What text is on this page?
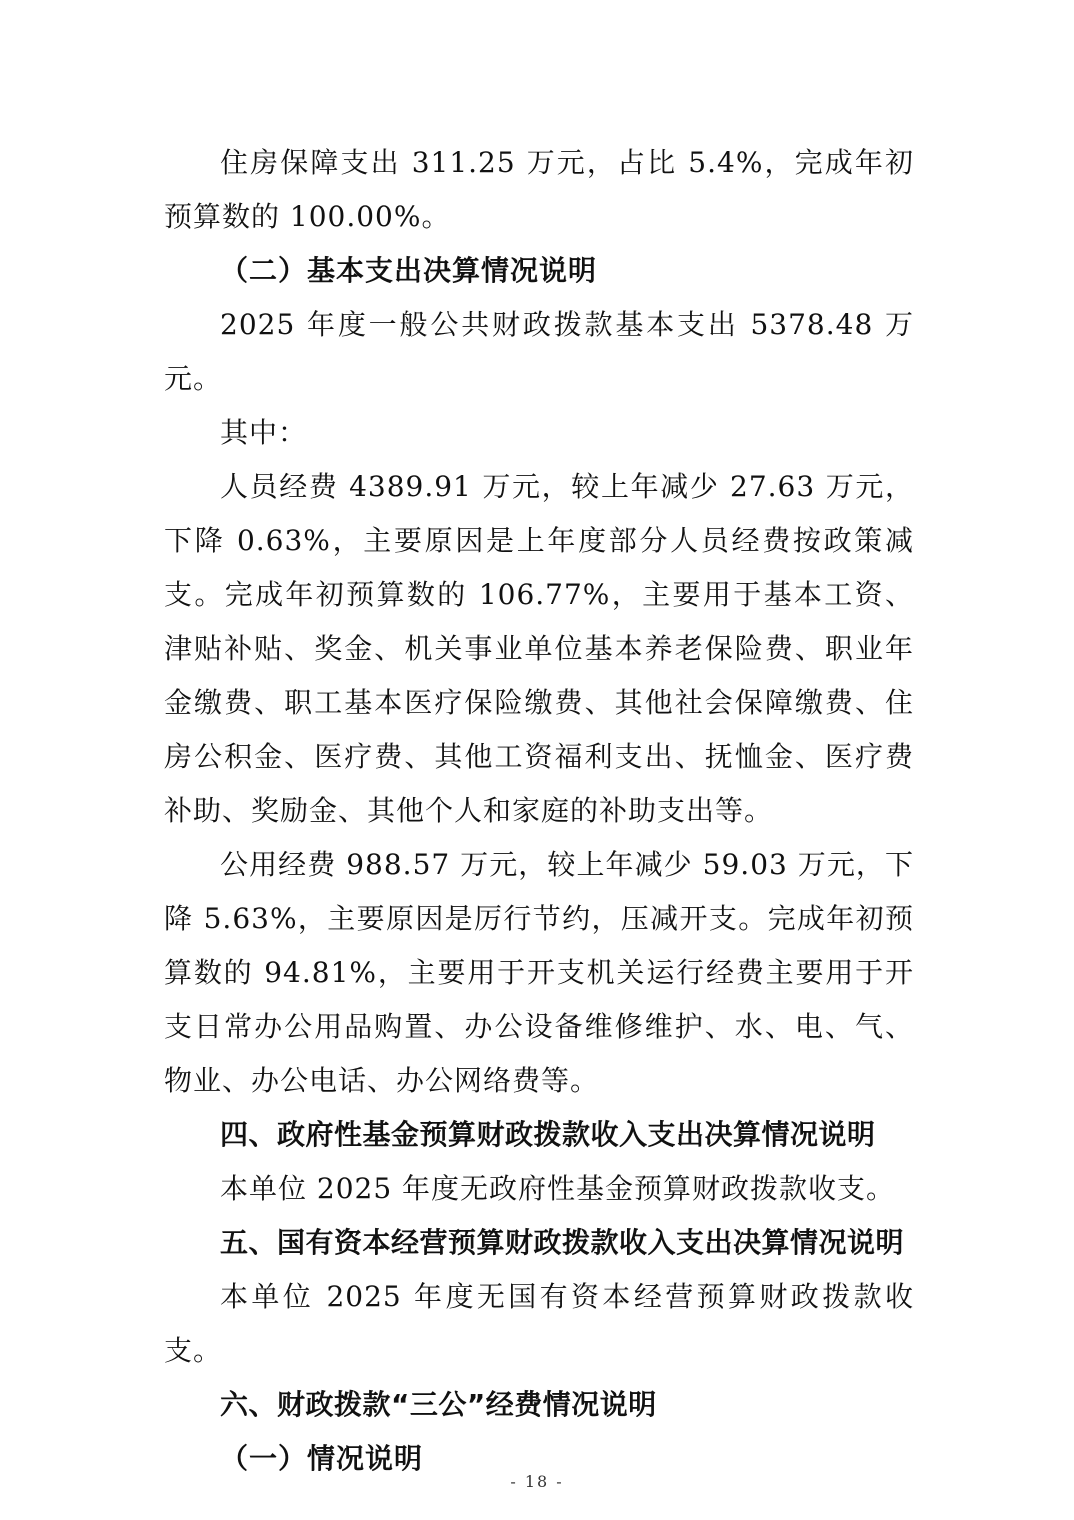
住房保障支出 311.25 万元，占比 5.4%，完成年初预算数的 100.00%。

（二）基本支出决算情况说明

2025 年度一般公共财政拨款基本支出 5378.48 万元。

其中：

人员经费 4389.91 万元，较上年减少 27.63 万元，下降 0.63%，主要原因是上年度部分人员经费按政策减支。完成年初预算数的 106.77%，主要用于基本工资、津贴补贴、奖金、机关事业单位基本养老保险费、职业年金缴费、职工基本医疗保险缴费、其他社会保障缴费、住房公积金、医疗费、其他工资福利支出、抚恤金、医疗费补助、奖励金、其他个人和家庭的补助支出等。

公用经费 988.57 万元，较上年减少 59.03 万元，下降 5.63%，主要原因是厉行节约，压减开支。完成年初预算数的 94.81%，主要用于开支机关运行经费主要用于开支日常办公用品购置、办公设备维修维护、水、电、气、物业、办公电话、办公网络费等。

四、政府性基金预算财政拨款收入支出决算情况说明

本单位 2025 年度无政府性基金预算财政拨款收支。

五、国有资本经营预算财政拨款收入支出决算情况说明

本单位 2025 年度无国有资本经营预算财政拨款收支。

六、财政拨款“三公”经费情况说明

（一）情况说明

- 18 -
